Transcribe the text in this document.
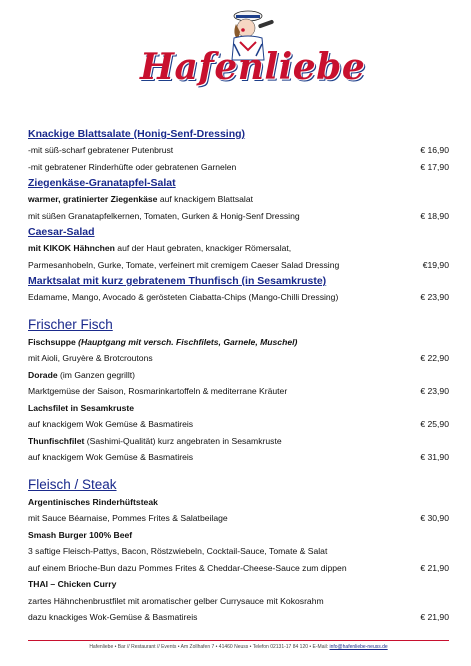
Hafenliebe
Knackige Blattsalate (Honig-Senf-Dressing)
-mit süß-scharf gebratener Putenbrust	€ 16,90
-mit gebratener Rinderhüfte oder gebratenen Garnelen	€ 17,90
Ziegenkäse-Granatapfel-Salat
warmer, gratinierter Ziegenkäse auf knackigem Blattsalat
mit süßen Granatapfelkernen, Tomaten, Gurken & Honig-Senf Dressing	€ 18,90
Caesar-Salad
mit KIKOK Hähnchen auf der Haut gebraten, knackiger Römersalat,
Parmesanhobeln, Gurke, Tomate, verfeinert mit cremigem Caeser Salad Dressing	€19,90
Marktsalat mit kurz gebratenem Thunfisch (in Sesamkruste)
Edamame, Mango, Avocado & gerösteten Ciabatta-Chips (Mango-Chilli Dressing)	€ 23,90
Frischer Fisch
Fischsuppe (Hauptgang mit versch. Fischfilets, Garnele, Muschel)
mit Aioli, Gruyère & Brotcroutons	€ 22,90
Dorade (im Ganzen gegrillt)
Marktgemüse der Saison, Rosmarinkartoffeln & mediterrane Kräuter	€ 23,90
Lachsfilet in Sesamkruste
auf knackigem Wok Gemüse & Basmatireis	€ 25,90
Thunfischfilet (Sashimi-Qualität) kurz angebraten in Sesamkruste
auf knackigem Wok Gemüse & Basmatireis	€ 31,90
Fleisch / Steak
Argentinisches Rinderhüftsteak
mit Sauce Béarnaise, Pommes Frites & Salatbeilage	€ 30,90
Smash Burger 100% Beef
3 saftige Fleisch-Pattys, Bacon, Röstzwiebeln, Cocktail-Sauce, Tomate & Salat
auf einem Brioche-Bun dazu Pommes Frites & Cheddar-Cheese-Sauce zum dippen	€ 21,90
THAI – Chicken Curry
zartes Hähnchenbrustfilet mit aromatischer gelber Currysauce mit Kokosrahm
dazu knackiges Wok-Gemüse & Basmatireis	€ 21,90
Hafenliebe • Bar // Restaurant // Events • Am Zollhafen 7 • 41460 Neuss • Telefon 02131-17 84 120 • E-Mail: info@hafenliebe-neuss.de
